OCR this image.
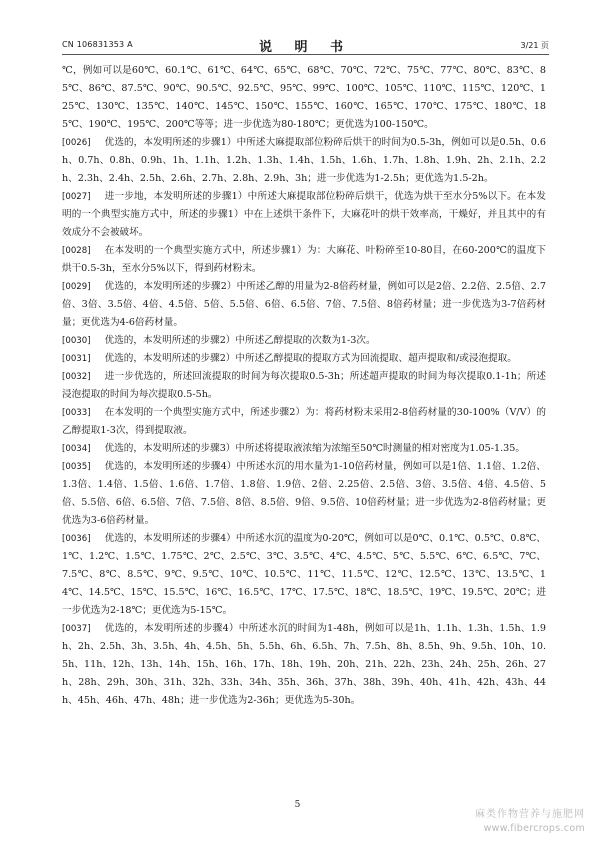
CN 106831353 A	说 明 书	3/21 页

℃，例如可以是60℃、60.1℃、61℃、64℃、65℃、68℃、70℃、72℃、75℃、77℃、80℃、83℃、85℃、86℃、87.5℃、90℃、90.5℃、92.5℃、95℃、99℃、100℃、105℃、110℃、115℃、120℃、125℃、130℃、135℃、140℃、145℃、150℃、155℃、160℃、165℃、170℃、175℃、180℃、185℃、190℃、195℃、200℃等等；进一步优选为80-180℃；更优选为100-150℃。

[0026] 优选的，本发明所述的步骤1）中所述大麻提取部位粉碎后烘干的时间为0.5-3h，例如可以是0.5h、0.6h、0.7h、0.8h、0.9h、1h、1.1h、1.2h、1.3h、1.4h、1.5h、1.6h、1.7h、1.8h、1.9h、2h、2.1h、2.2h、2.3h、2.4h、2.5h、2.6h、2.7h、2.8h、2.9h、3h；进一步优选为1-2.5h；更优选为1.5-2h。

[0027] 进一步地，本发明所述的步骤1）中所述大麻提取部位粉碎后烘干，优选为烘干至水分5%以下。在本发明的一个典型实施方式中，所述的步骤1）中在上述烘干条件下，大麻花叶的烘干效率高，干燥好，并且其中的有效成分不会被破坏。

[0028] 在本发明的一个典型实施方式中，所述步骤1）为：大麻花、叶粉碎至10-80目，在60-200℃的温度下烘干0.5-3h，至水分5%以下，得到药材粉末。

[0029] 优选的，本发明所述的步骤2）中所述乙醇的用量为2-8倍药材量，例如可以是2倍、2.2倍、2.5倍、2.7倍、3倍、3.5倍、4倍、4.5倍、5倍、5.5倍、6倍、6.5倍、7倍、7.5倍、8倍药材量；进一步优选为3-7倍药材量；更优选为4-6倍药材量。

[0030] 优选的，本发明所述的步骤2）中所述乙醇提取的次数为1-3次。

[0031] 优选的，本发明所述的步骤2）中所述乙醇提取的提取方式为回流提取、超声提取和/或浸泡提取。

[0032] 进一步优选的，所述回流提取的时间为每次提取0.5-3h；所述超声提取的时间为每次提取0.1-1h；所述浸泡提取的时间为每次提取0.5-5h。

[0033] 在本发明的一个典型实施方式中，所述步骤2）为：将药材粉末采用2-8倍药材量的30-100%（V/V）的乙醇提取1-3次，得到提取液。

[0034] 优选的，本发明所述的步骤3）中所述将提取液浓缩为浓缩至50℃时测量的相对密度为1.05-1.35。

[0035] 优选的，本发明所述的步骤4）中所述水沉的用水量为1-10倍药材量，例如可以是1倍、1.1倍、1.2倍、1.3倍、1.4倍、1.5倍、1.6倍、1.7倍、1.8倍、1.9倍、2倍、2.25倍、2.5倍、3倍、3.5倍、4倍、4.5倍、5倍、5.5倍、6倍、6.5倍、7倍、7.5倍、8倍、8.5倍、9倍、9.5倍、10倍药材量；进一步优选为2-8倍药材量；更优选为3-6倍药材量。

[0036] 优选的，本发明所述的步骤4）中所述水沉的温度为0-20℃，例如可以是0℃、0.1℃、0.5℃、0.8℃、1℃、1.2℃、1.5℃、1.75℃、2℃、2.5℃、3℃、3.5℃、4℃、4.5℃、5℃、5.5℃、6℃、6.5℃、7℃、7.5℃、8℃、8.5℃、9℃、9.5℃、10℃、10.5℃、11℃、11.5℃、12℃、12.5℃、13℃、13.5℃、14℃、14.5℃、15℃、15.5℃、16℃、16.5℃、17℃、17.5℃、18℃、18.5℃、19℃、19.5℃、20℃；进一步优选为2-18℃；更优选为5-15℃。

[0037] 优选的，本发明所述的步骤4）中所述水沉的时间为1-48h，例如可以是1h、1.1h、1.3h、1.5h、1.9h、2h、2.5h、3h、3.5h、4h、4.5h、5h、5.5h、6h、6.5h、7h、7.5h、8h、8.5h、9h、9.5h、10h、10.5h、11h、12h、13h、14h、15h、16h、17h、18h、19h、20h、21h、22h、23h、24h、25h、26h、27h、28h、29h、30h、31h、32h、33h、34h、35h、36h、37h、38h、39h、40h、41h、42h、43h、44h、45h、46h、47h、48h；进一步优选为2-36h；更优选为5-30h。

5
麻类作物营养与施肥网
www.fibercrops.com
